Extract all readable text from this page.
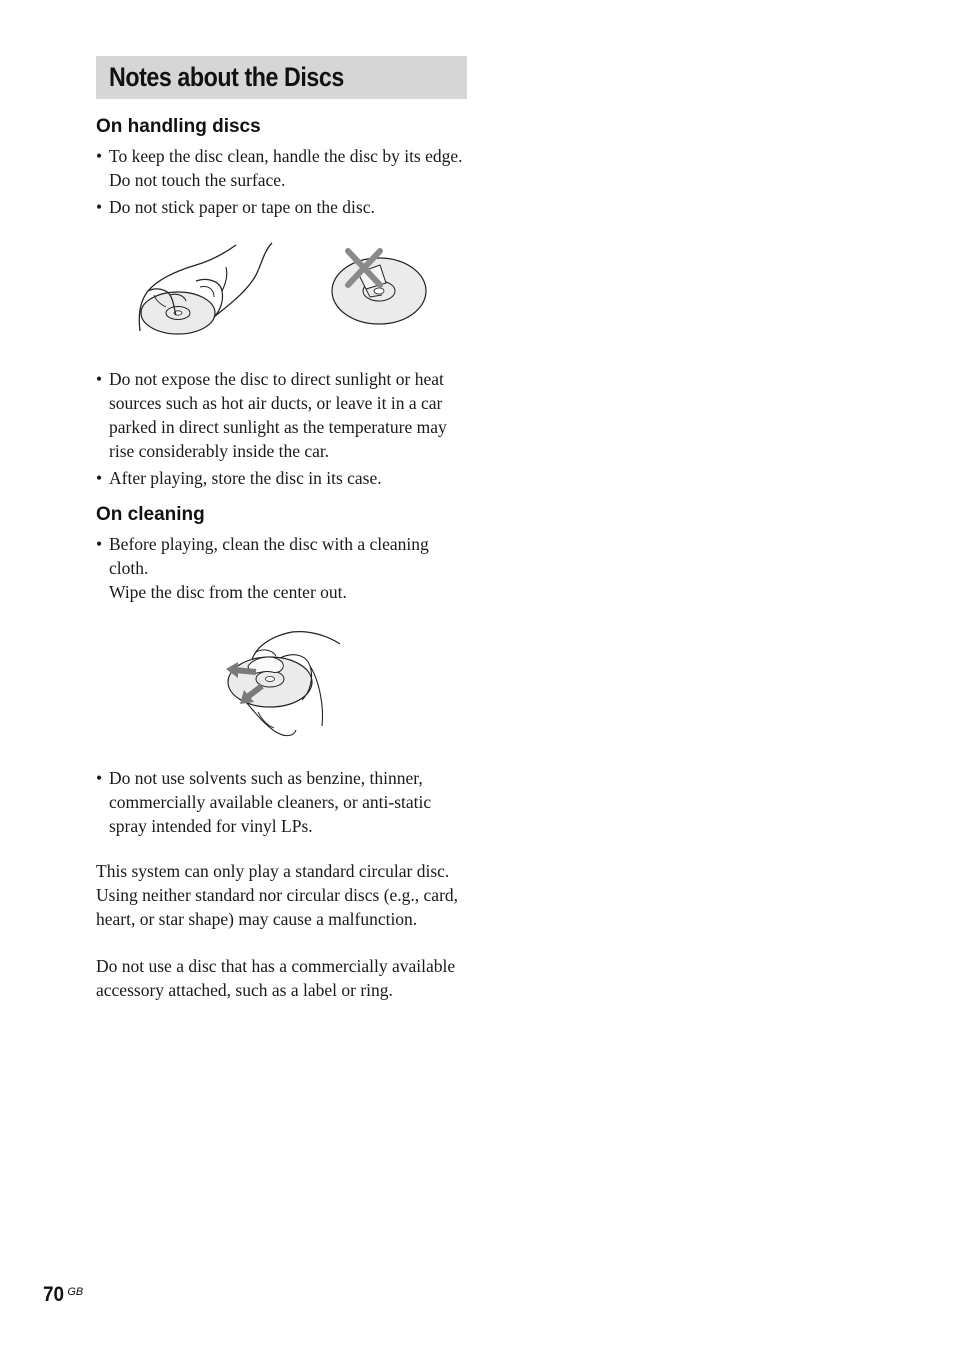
Notes about the Discs
On handling discs
• To keep the disc clean, handle the disc by its edge. Do not touch the surface.
• Do not stick paper or tape on the disc.
• Do not expose the disc to direct sunlight or heat sources such as hot air ducts, or leave it in a car parked in direct sunlight as the temperature may rise considerably inside the car.
• After playing, store the disc in its case.
On cleaning
• Before playing, clean the disc with a cleaning cloth.
Wipe the disc from the center out.
• Do not use solvents such as benzine, thinner, commercially available cleaners, or anti-static spray intended for vinyl LPs.

This system can only play a standard circular disc. Using neither standard nor circular discs (e.g., card, heart, or star shape) may cause a malfunction.

Do not use a disc that has a commercially available accessory attached, such as a label or ring.

70 GB
